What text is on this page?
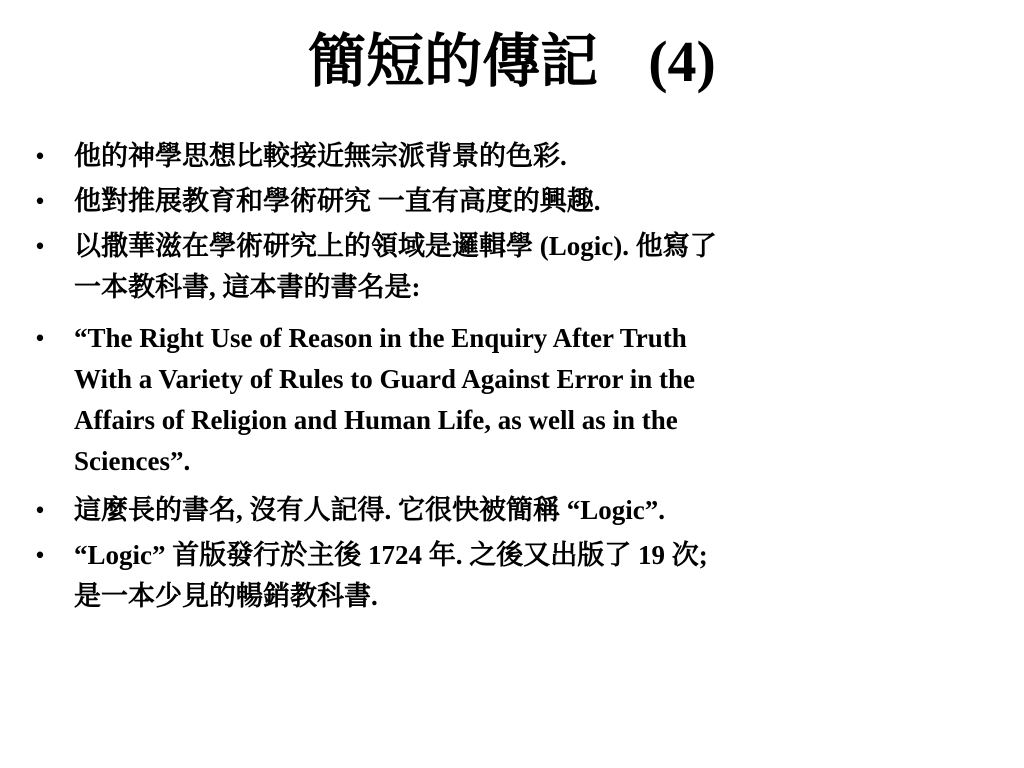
簡短的傳記 (4)
• 他的神學思想比較接近無宗派背景的色彩.
• 他對推展教育和學術研究 一直有高度的興趣.
• 以撒華滋在學術研究上的領域是邏輯學 (Logic). 他寫了
一本教科書, 這本書的書名是:
• “The Right Use of Reason in the Enquiry After Truth
With a Variety of Rules to Guard Against Error in the
Affairs of Religion and Human Life, as well as in the
Sciences”.
• 這麼長的書名, 沒有人記得. 它很快被簡稱 “Logic”.
• “Logic” 首版發行於主後 1724 年. 之後又出版了 19 次;
是一本少見的暢銷教科書.
